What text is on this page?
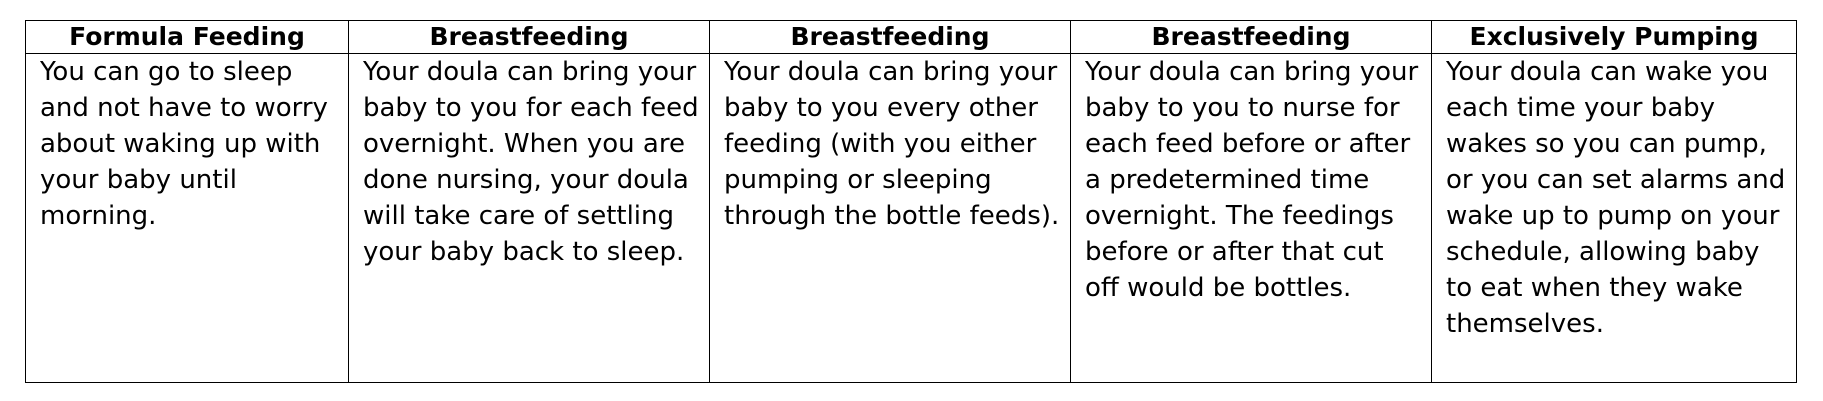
Formula Feeding	Breastfeeding	Breastfeeding	Breastfeeding	Exclusively Pumping
You can go to sleep and not have to worry about waking up with your baby until morning.	Your doula can bring your baby to you for each feed overnight. When you are done nursing, your doula will take care of settling your baby back to sleep.	Your doula can bring your baby to you every other feeding (with you either pumping or sleeping through the bottle feeds).	Your doula can bring your baby to you to nurse for each feed before or after a predetermined time overnight. The feedings before or after that cut off would be bottles.	Your doula can wake you each time your baby wakes so you can pump, or you can set alarms and wake up to pump on your schedule, allowing baby to eat when they wake themselves.
